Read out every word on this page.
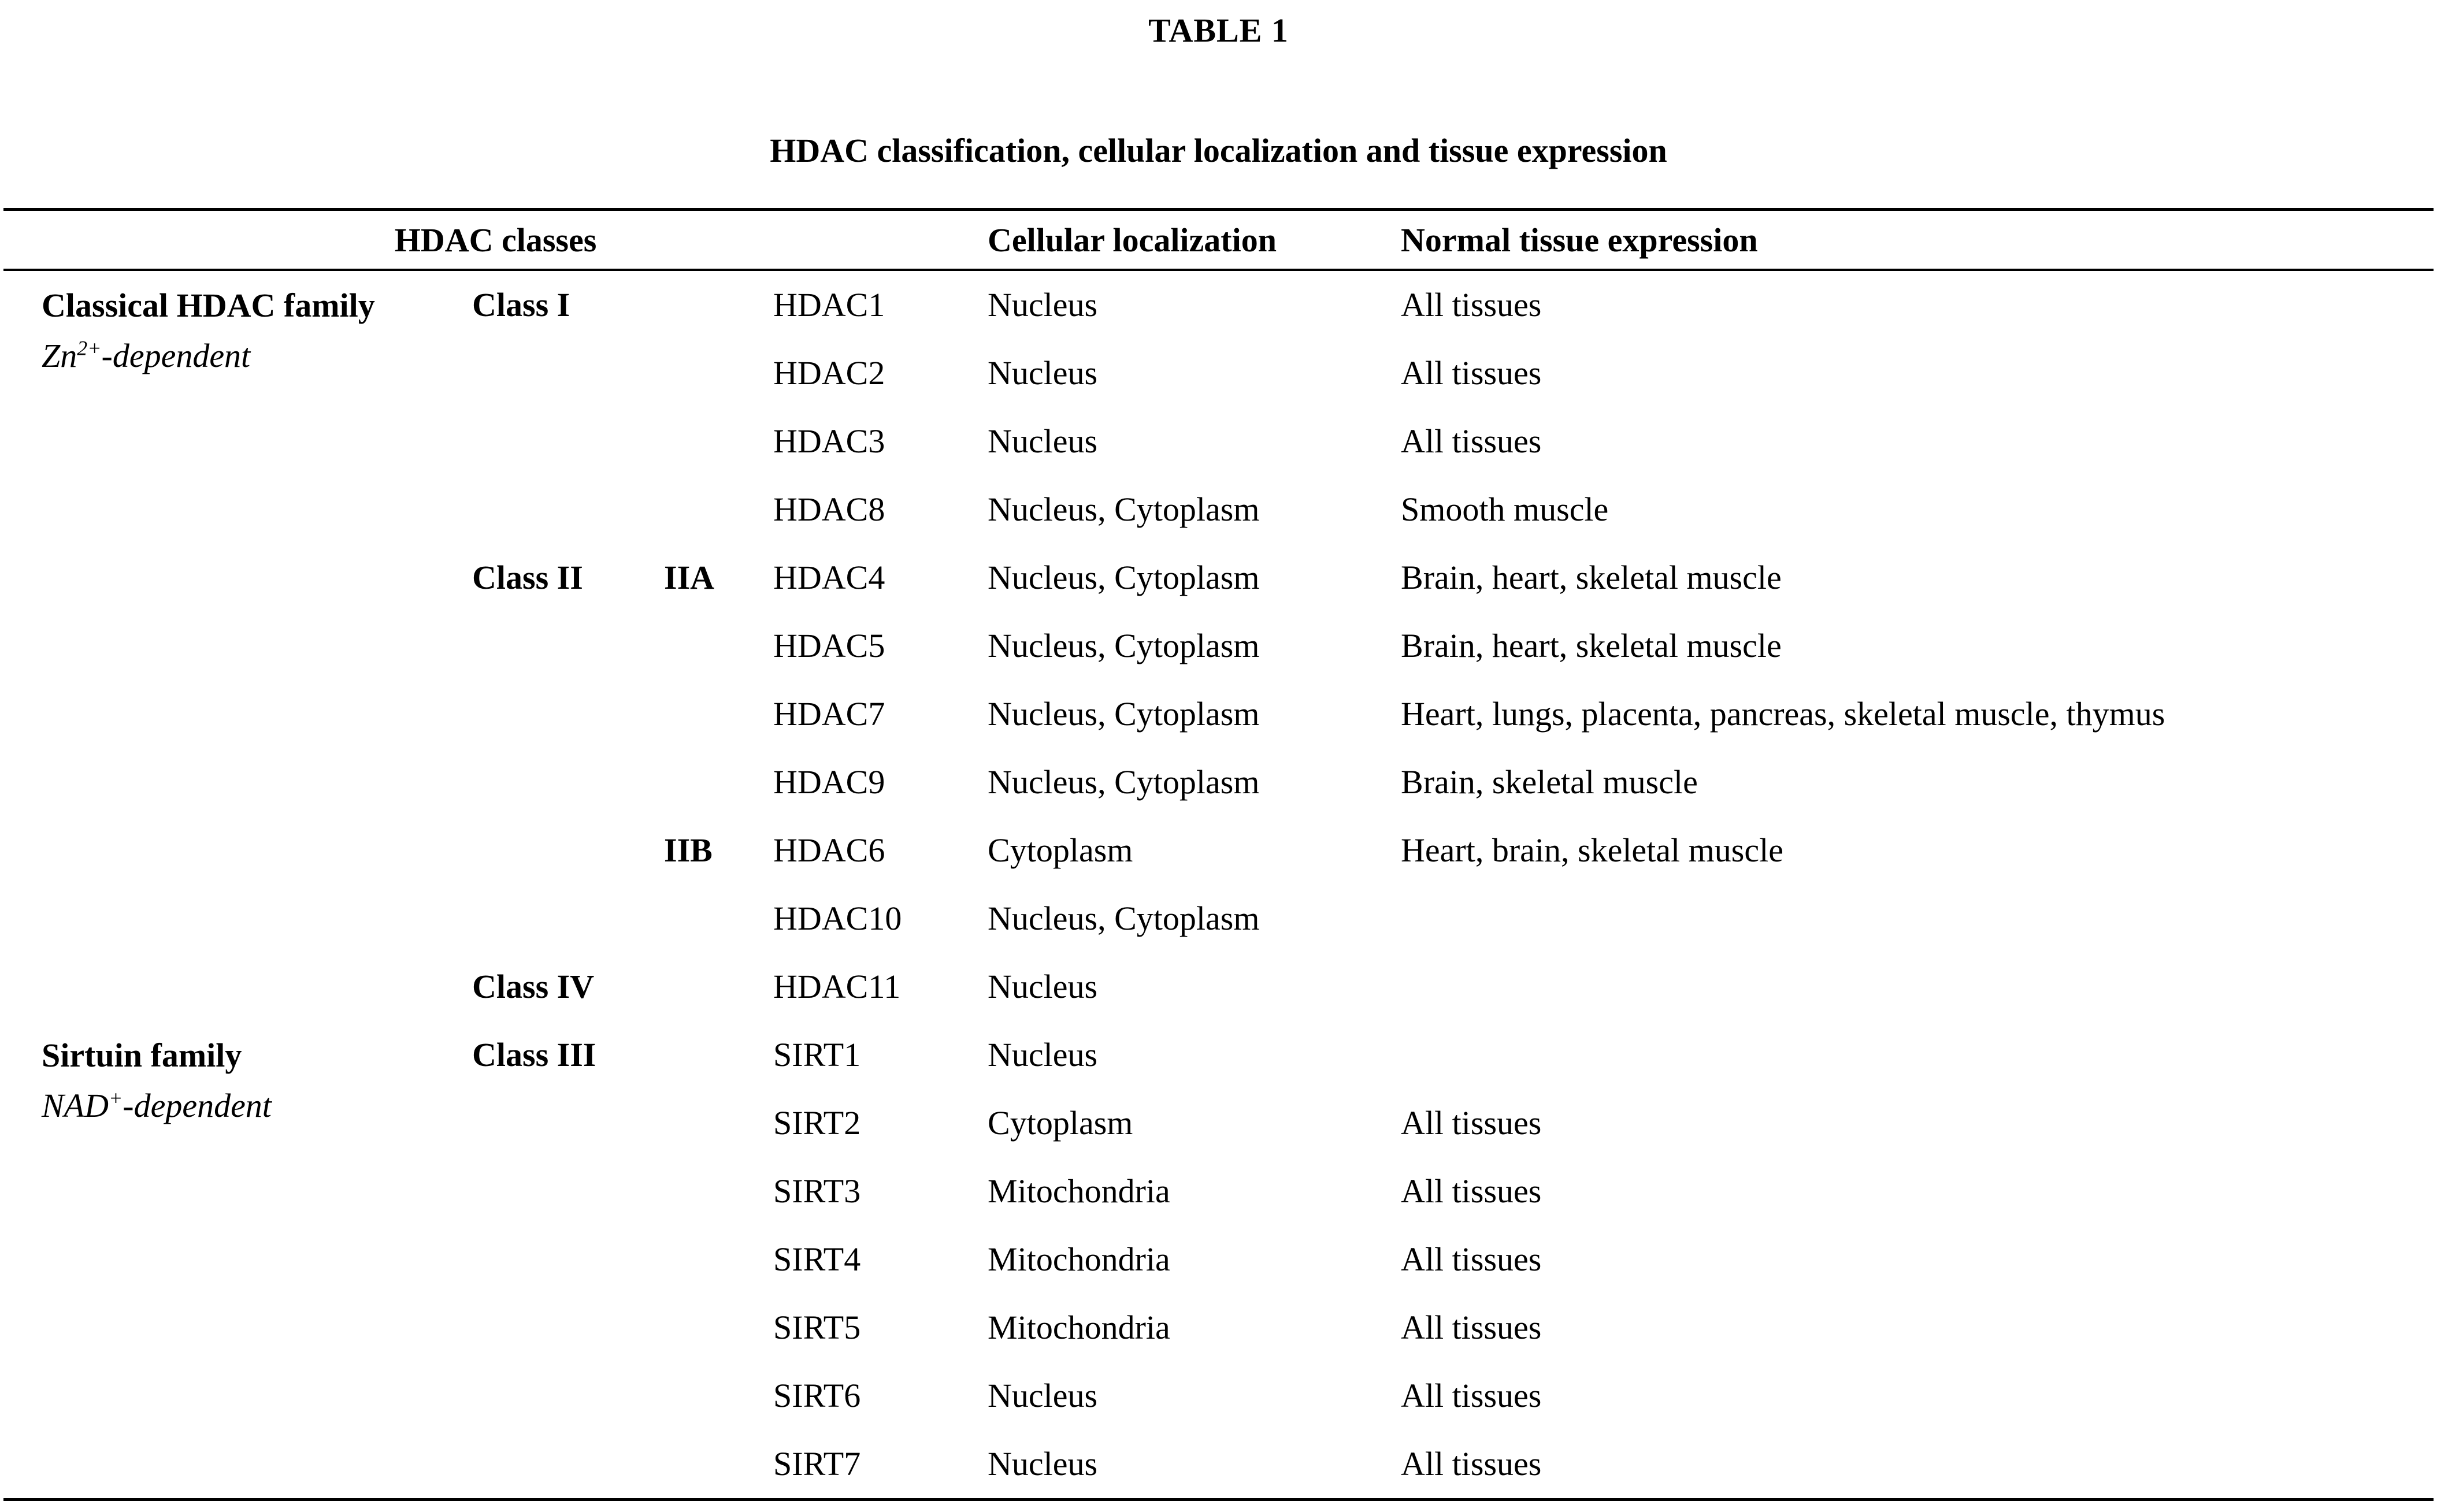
TABLE 1
HDAC classification, cellular localization and tissue expression
HDAC classes				Cellular localization	Normal tissue expression

Classical HDAC family
$Zn^{2+}$-dependent	Class I		HDAC1	Nucleus	All tissues
			HDAC2	Nucleus	All tissues
			HDAC3	Nucleus	All tissues
			HDAC8	Nucleus, Cytoplasm	Smooth muscle
	Class II	IIA	HDAC4	Nucleus, Cytoplasm	Brain, heart, skeletal muscle
			HDAC5	Nucleus, Cytoplasm	Brain, heart, skeletal muscle
			HDAC7	Nucleus, Cytoplasm	Heart, lungs, placenta, pancreas, skeletal muscle, thymus
			HDAC9	Nucleus, Cytoplasm	Brain, skeletal muscle
		IIB	HDAC6	Cytoplasm	Heart, brain, skeletal muscle
			HDAC10	Nucleus, Cytoplasm	
	Class IV		HDAC11	Nucleus	

Sirtuin family
NAD+-dependent	Class III		SIRT1	Nucleus	
			SIRT2	Cytoplasm	All tissues
			SIRT3	Mitochondria	All tissues
			SIRT4	Mitochondria	All tissues
			SIRT5	Mitochondria	All tissues
			SIRT6	Nucleus	All tissues
			SIRT7	Nucleus	All tissues
